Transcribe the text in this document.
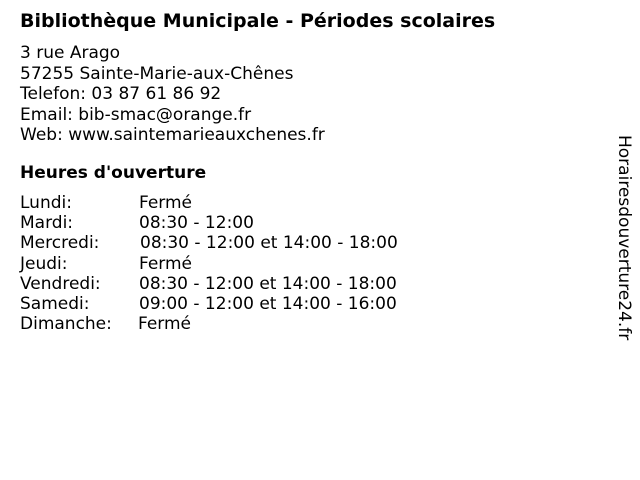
Bibliothèque Municipale - Périodes scolaires
3 rue Arago
57255 Sainte-Marie-aux-Chênes
Telefon: 03 87 61 86 92
Email: bib-smac@orange.fr
Web: www.saintemarieauxchenes.fr
Heures d'ouverture
Lundi:	Fermé
Mardi:	08:30 - 12:00
Mercredi: 08:30 - 12:00 et 14:00 - 18:00
Jeudi:	Fermé
Vendredi: 08:30 - 12:00 et 14:00 - 18:00
Samedi:	09:00 - 12:00 et 14:00 - 16:00
Dimanche: Fermé	Horairesdouverture24.fr
